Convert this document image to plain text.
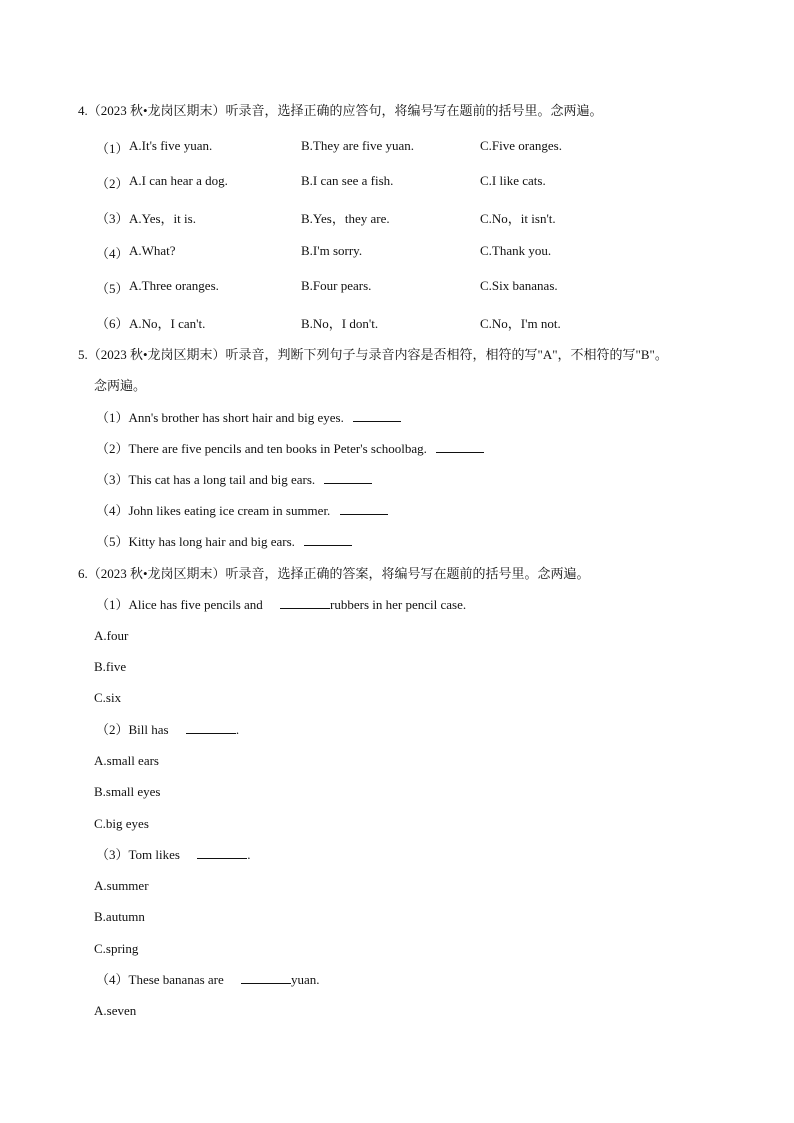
4.（2023 秋•龙岗区期末）听录音，选择正确的应答句，将编号写在题前的括号里。念两遍。
（1） A.It's five yuan.	B.They are five yuan.	C.Five oranges.
（2） A.I can hear a dog.	B.I can see a fish.	C.I like cats.
（3） A.Yes，it is.	B.Yes，they are.	C.No，it isn't.
（4） A.What?	B.I'm sorry.	C.Thank you.
（5） A.Three oranges.	B.Four pears.	C.Six bananas.
（6） A.No，I can't.	B.No，I don't.	C.No，I'm not.
5.（2023 秋•龙岗区期末）听录音，判断下列句子与录音内容是否相符，相符的写"A"，不相符的写"B"。
念两遍。
（1）Ann's brother has short hair and big eyes.
（2）There are five pencils and ten books in Peter's schoolbag.
（3）This cat has a long tail and big ears.
（4）John likes eating ice cream in summer.
（5）Kitty has long hair and big ears.
6.（2023 秋•龙岗区期末）听录音，选择正确的答案，将编号写在题前的括号里。念两遍。
（1）Alice has five pencils and	rubbers in her pencil case.
A.four
B.five
C.six
（2）Bill has	.
A.small ears
B.small eyes
C.big eyes
（3）Tom likes	.
A.summer
B.autumn
C.spring
（4）These bananas are	yuan.
A.seven
